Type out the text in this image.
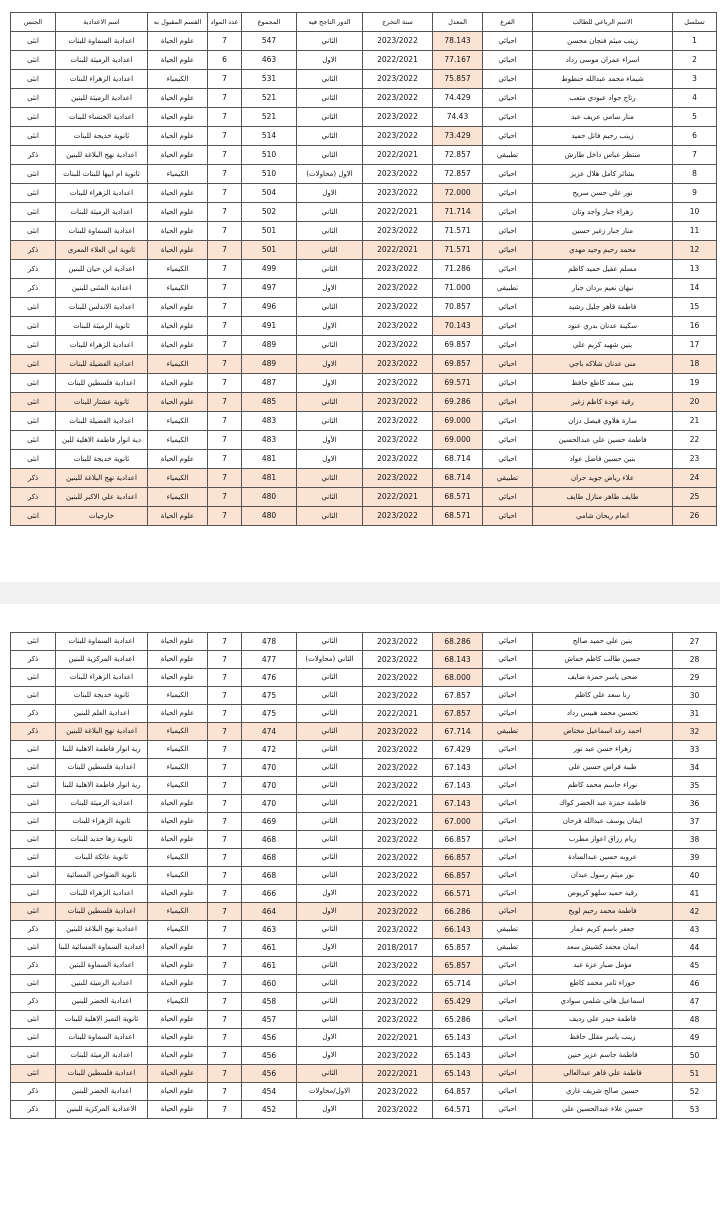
تسلسل	الاسم الرباعي للطالب	الفرع	المعدل	سنة التخرج	الدور الناجح فيه	المجموع	عدد المواد	القسم المقبول به	اسم الاعدادية	الجنس
1	زينب ميثم فنجان محسن	احيائي	78.143	2023/2022	الثاني	547	7	علوم الحياة	اعدادية السماوة للبنات	انثى
2	اسراء عمران موسى رداد	احيائي	77.167	2022/2021	الاول	463	6	علوم الحياة	اعدادية الرميثة للبنات	انثى
3	شيماء محمد عبدالله حنطوط	احيائي	75.857	2023/2022	الثاني	531	7	الكيمياء	اعدادية الزهراء للبنات	انثى
4	رتاج جواد عبودي متعب	احيائي	74.429	2023/2022	الثاني	521	7	علوم الحياة	اعدادية الرميثة للبنين	انثى
5	منار سامي عريف عبد	احيائي	74.43	2023/2022	الثاني	521	7	علوم الحياة	اعدادية الخنساء للبنات	انثى
6	زينب رحيم فاتل حميد	احيائي	73.429	2023/2022	الثاني	514	7	علوم الحياة	ثانوية خديجة للبنات	انثى
7	منتظر عباس داخل طارش	تطبيقي	72.857	2022/2021	الثاني	510	7	علوم الحياة	اعدادية نهج البلاغة للبنين	ذكر
8	بشائر كامل هلال عزيز	احيائي	72.857	2023/2022	الاول (محاولات)	510	7	الكيمياء	ثانوية ام ابيها للبنات للبنات	انثى
9	نور علي حسن سريح	احيائي	72.000	2023/2022	الاول	504	7	علوم الحياة	اعدادية الزهراء للبنات	انثى
10	زهراء جبار واجد وتان	احيائي	71.714	2022/2021	الثاني	502	7	علوم الحياة	اعدادية الرميثة للبنات	انثى
11	منار جبار زغير حسين	احيائي	71.571	2023/2022	الثاني	501	7	علوم الحياة	اعدادية السماوة للبنات	انثى
12	محمد رحيم وحيد مهدي	احيائي	71.571	2022/2021	الثاني	501	7	علوم الحياة	ثانوية ابي العلاء المعري	ذكر
13	مسلم عقيل حميد كاظم	احيائي	71.286	2023/2022	الثاني	499	7	الكيمياء	اعدادية ابن حيان للبنين	ذكر
14	نيهان نعيم بردان جبار	تطبيقي	71.000	2023/2022	الاول	497	7	الكيمياء	اعدادية المثنى للبنين	ذكر
15	فاطمة قاهر جليل رشيد	احيائي	70.857	2023/2022	الثاني	496	7	علوم الحياة	اعدادية الاندلس للبنات	انثى
16	سكينة عدنان بدري عنود	احيائي	70.143	2023/2022	الاول	491	7	علوم الحياة	ثانوية الرميثة للبنات	انثى
17	بنين شهيد كريم علي	احيائي	69.857	2023/2022	الثاني	489	7	علوم الحياة	اعدادية الزهراء للبنات	انثى
18	منى عدنان شلاكه باجي	احيائي	69.857	2023/2022	الاول	489	7	الكيمياء	اعدادية الفضيلة للبنات	انثى
19	بنين سعد كاطع حافظ	احيائي	69.571	2023/2022	الاول	487	7	علوم الحياة	اعدادية فلسطين للبنات	انثى
20	رقية عودة كاظم زغير	احيائي	69.286	2023/2022	الثاني	485	7	علوم الحياة	ثانوية عشتار للبنات	انثى
21	سارة هلاوي فيصل دزان	احيائي	69.000	2023/2022	الثاني	483	7	الكيمياء	اعدادية الفضيلة للبنات	انثى
22	فاطمة حسين علي عبدالحسين	احيائي	69.000	2023/2022	الأول	483	7	الكيمياء	دية انوار فاطمة الاهلية للبن	انثى
23	بنين حسين فاضل عواد	احيائي	68.714	2023/2022	الاول	481	7	علوم الحياة	ثانوية خديجة للبنات	انثى
24	علاء رياض جويد حران	تطبيقي	68.714	2023/2022	الثاني	481	7	الكيمياء	اعدادية نهج البلاغة للبنين	ذكر
25	طايف طاهر منازل طايف	احيائي	68.571	2022/2021	الثاني	480	7	الكيمياء	اعدادية علي الاكبر للبنين	ذكر
26	انعام ريحان شامي	احيائي	68.571	2023/2022	الثاني	480	7	علوم الحياة	خارجيات	انثى
27	بنين علي حميد صالح	احيائي	68.286	2023/2022	الثاني	478	7	علوم الحياة	اعدادية السماوة للبنات	انثى
28	حسين طالب كاظم خماش	احيائي	68.143	2023/2022	الثاني (محاولات)	477	7	علوم الحياة	اعدادية المركزية للبنين	ذكر
29	ضحى ياسر حمزة ضايف	احيائي	68.000	2023/2022	الثاني	476	7	علوم الحياة	اعدادية الزهراء للبنات	انثى
30	رنا سعد علي كاظم	احيائي	67.857	2023/2022	الثاني	475	7	الكيمياء	ثانوية خديجة للبنات	انثى
31	تحسين محمد هبيس رداد	احيائي	67.857	2022/2021	الثاني	475	7	علوم الحياة	اعدادية العلم للبنين	ذكر
32	احمد رعد اسماعيل مختاض	تطبيقي	67.714	2023/2022	الثاني	474	7	الكيمياء	اعدادية نهج البلاغة للبنين	ذكر
33	زهراء حسن عبد نور	احيائي	67.429	2023/2022	الثاني	472	7	الكيمياء	رية انوار فاطمة الاهلية للبنا	انثى
34	طيبة فراس حسين علي	احيائي	67.143	2023/2022	الثاني	470	7	الكيمياء	اعدادية فلسطين للبنات	انثى
35	نوراء جاسم محمد كاظم	احيائي	67.143	2023/2022	الثاني	470	7	الكيمياء	رية انوار فاطمة الاهلية للبنا	انثى
36	فاطمة حمزة عبد الخضر كواك	احيائي	67.143	2022/2021	الثاني	470	7	علوم الحياة	اعدادية الرميثة للبنات	انثى
37	ايمان يوسف عبدالله فرحان	احيائي	67.000	2023/2022	الثاني	469	7	علوم الحياة	ثانوية الزهراء للبنات	انثى
38	ريام رزاق اعواز مطرب	احيائي	66.857	2023/2022	الثاني	468	7	علوم الحياة	ثانوية زها حديد للبنات	انثى
39	عروبه حسين عبدالسادة	احيائي	66.857	2023/2022	الثاني	468	7	الكيمياء	ثانوية عائكة للبنات	انثى
40	نور ميثم رسول عبدان	احيائي	66.857	2023/2022	الثاني	468	7	الكيمياء	ثانوية الضواحي المسائية	انثى
41	رقية حميد سلهو كريوص	احيائي	66.571	2023/2022	الاول	466	7	علوم الحياة	اعدادية الزهراء للبنات	انثى
42	فاطمة محمد رحيم لويخ	احيائي	66.286	2023/2022	الاول	464	7	الكيمياء	اعدادية فلسطين للبنات	انثى
43	جعفر باسم كريم عمار	تطبيقي	66.143	2023/2022	الثاني	463	7	الكيمياء	اعدادية نهج البلاغة للبنين	ذكر
44	ايمان محمد كشيش سعد	تطبيقي	65.857	2018/2017	الاول	461	7	علوم الحياة	اعدادية السماوة المسائية للبنا	انثى
45	مؤمل صبار عزة عبد	احيائي	65.857	2023/2022	الثاني	461	7	علوم الحياة	اعدادية السماوة للبنين	ذكر
46	حوراء ثامر محمد كاطع	احيائي	65.714	2023/2022	الثاني	460	7	علوم الحياة	اعدادية الرميثة للبنين	انثى
47	اسماعيل هاني شلمي سوادي	احيائي	65.429	2023/2022	الثاني	458	7	الكيمياء	اعدادية الخضر للبنين	ذكر
48	فاطمة حيدر علي رديف	احيائي	65.286	2023/2022	الثاني	457	7	علوم الحياة	ثانوية التميز الاهلية للبنات	انثى
49	زينب ياسر مقلل حافظ	احيائي	65.143	2022/2021	الاول	456	7	علوم الحياة	اعدادية السماوة للبنات	انثى
50	فاطمة جاسم عزيز حنين	احيائي	65.143	2023/2022	الاول	456	7	علوم الحياة	اعدادية الرميثة للبنات	انثى
51	فاطمة علي قاهر عبدالعالي	احيائي	65.143	2022/2021	الثاني	456	7	علوم الحياة	اعدادية فلسطين للبنات	انثى
52	حسين صالح شريف غازي	احيائي	64.857	2023/2022	الاول/محاولات	454	7	علوم الحياة	اعدادية الخضر للبنين	ذكر
53	حسين علاء عبدالحسين علي	احيائي	64.571	2023/2022	الاول	452	7	علوم الحياة	الاعدادية المركزية للبنين	ذكر
